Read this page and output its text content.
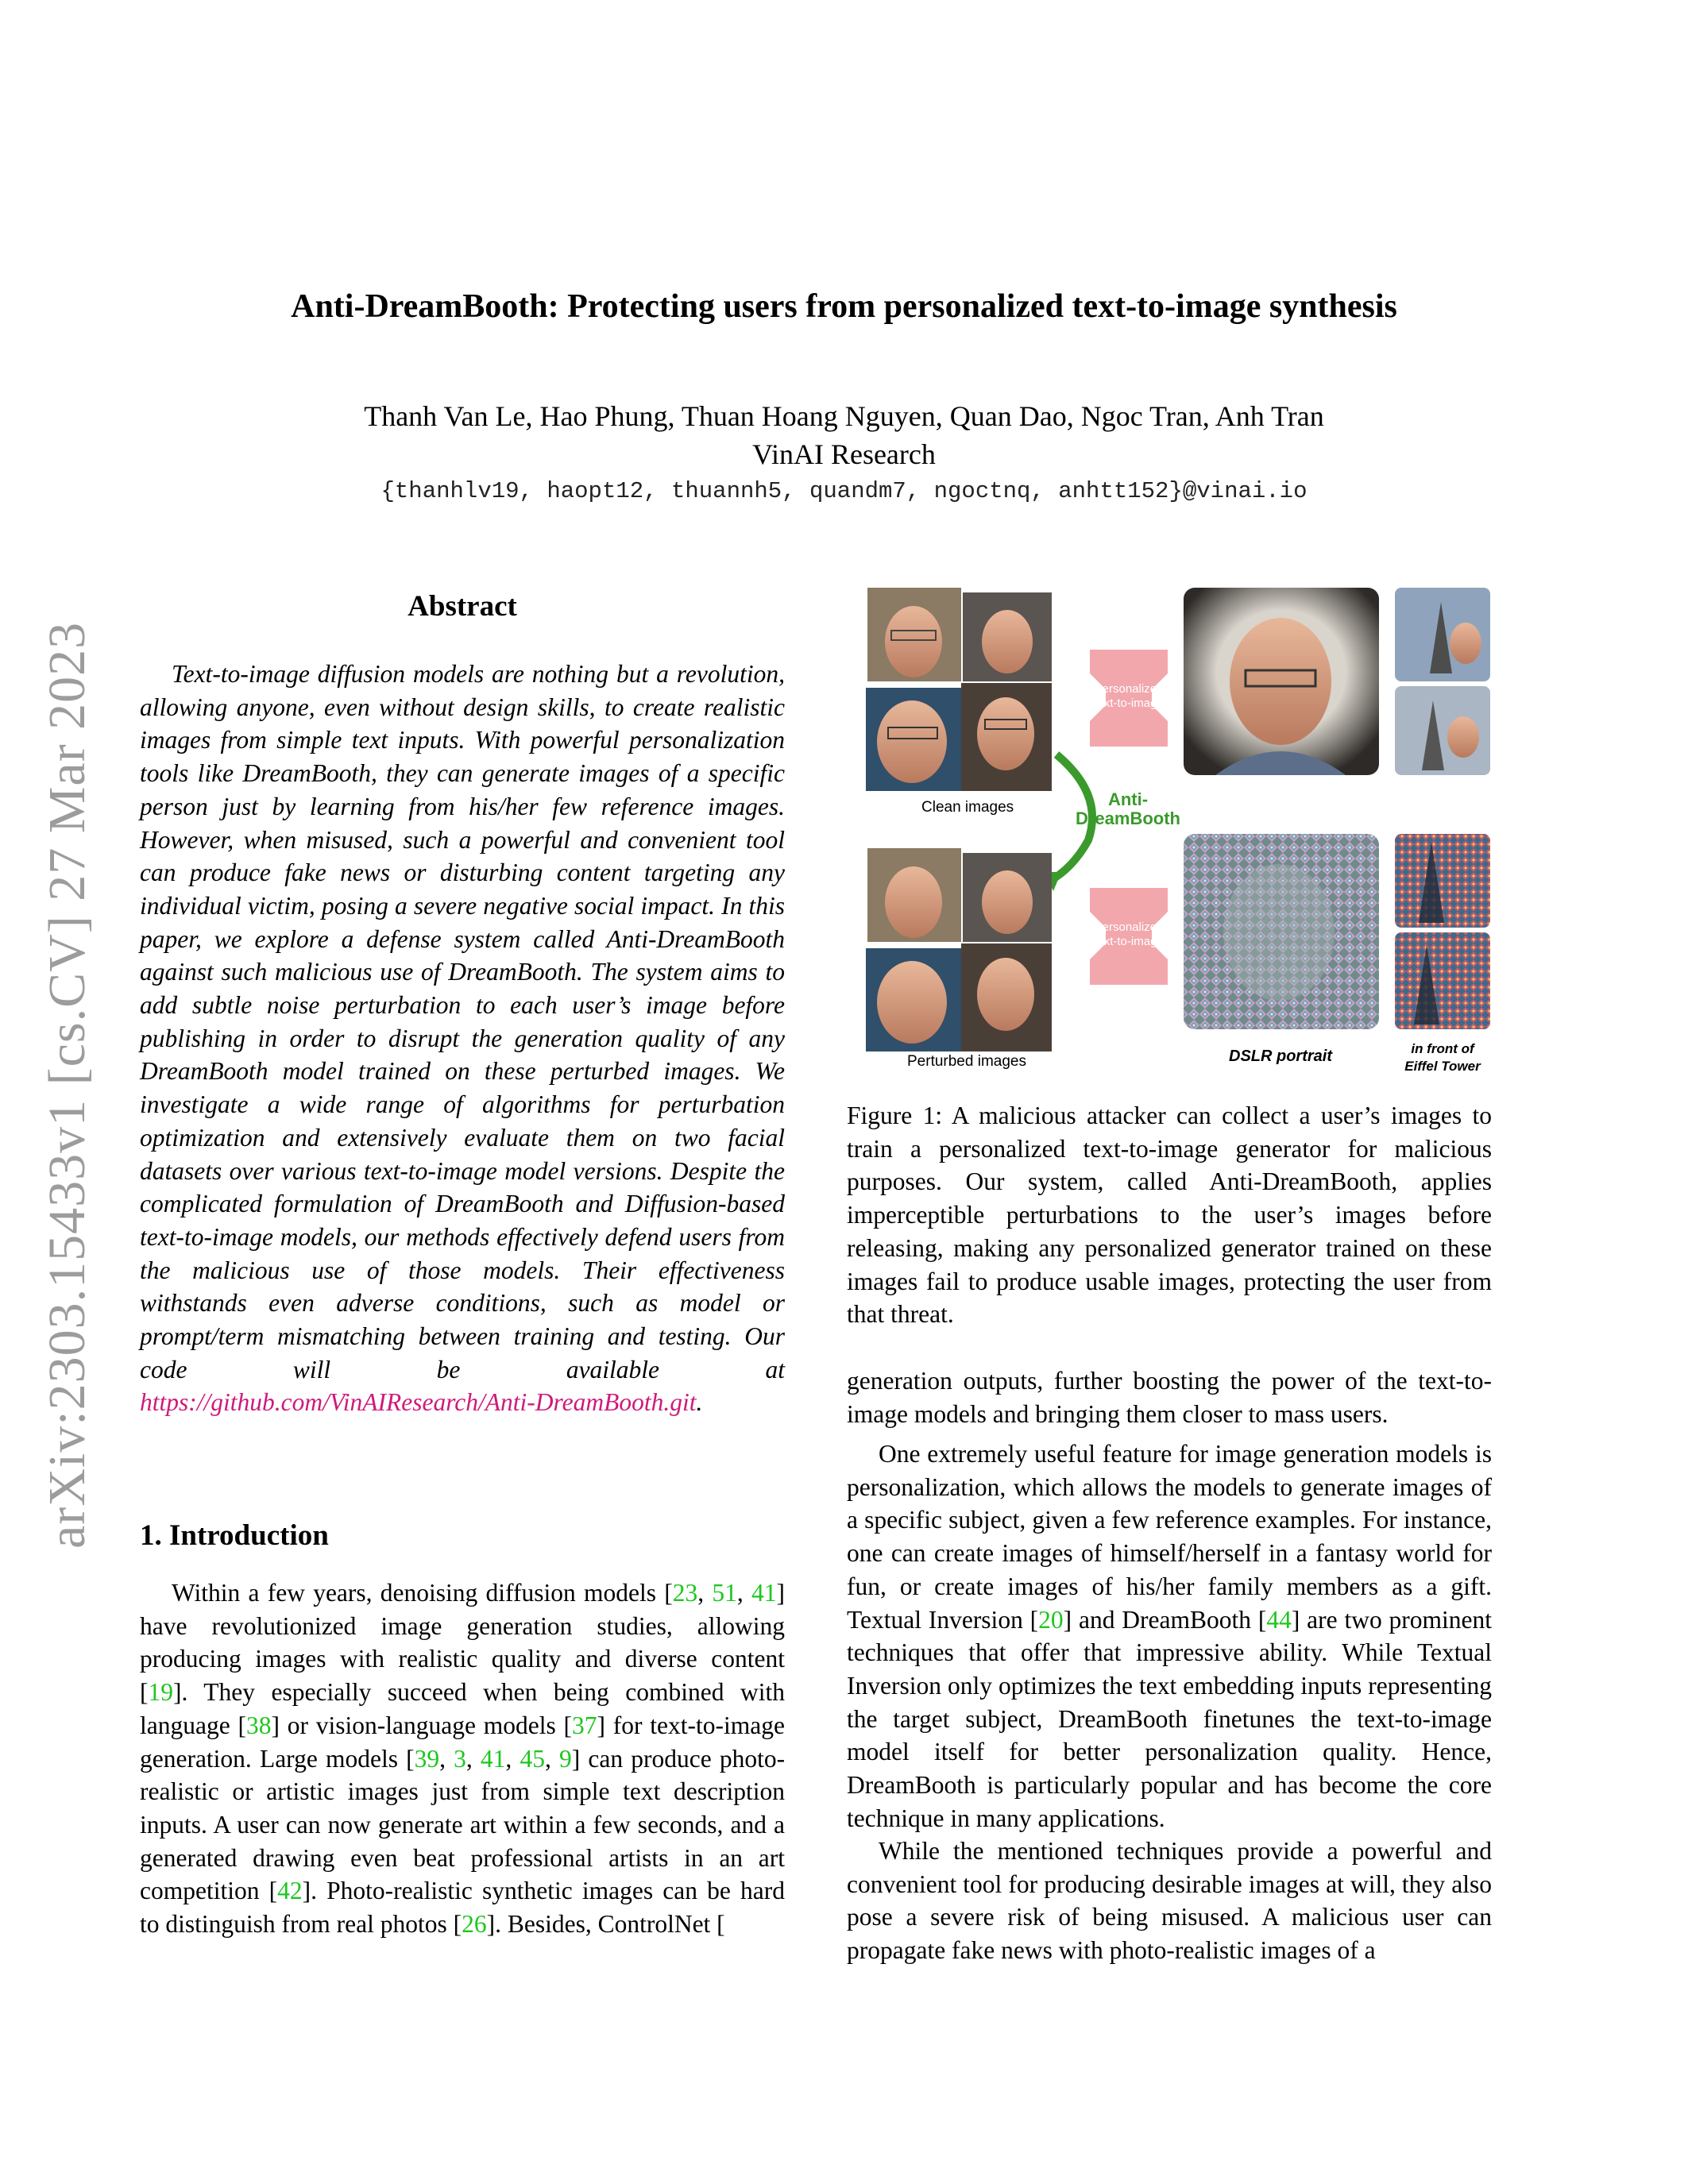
Anti-DreamBooth: Protecting users from personalized text-to-image synthesis
Thanh Van Le, Hao Phung, Thuan Hoang Nguyen, Quan Dao, Ngoc Tran, Anh Tran
VinAI Research
{thanhlv19, haopt12, thuannh5, quandm7, ngoctnq, anhtt152}@vinai.io
arXiv:2303.15433v1 [cs.CV] 27 Mar 2023
Abstract
Text-to-image diffusion models are nothing but a revolution, allowing anyone, even without design skills, to create realistic images from simple text inputs. With powerful personalization tools like DreamBooth, they can generate images of a specific person just by learning from his/her few reference images. However, when misused, such a powerful and convenient tool can produce fake news or disturbing content targeting any individual victim, posing a severe negative social impact. In this paper, we explore a defense system called Anti-DreamBooth against such malicious use of DreamBooth. The system aims to add subtle noise perturbation to each user’s image before publishing in order to disrupt the generation quality of any DreamBooth model trained on these perturbed images. We investigate a wide range of algorithms for perturbation optimization and extensively evaluate them on two facial datasets over various text-to-image model versions. Despite the complicated formulation of DreamBooth and Diffusion-based text-to-image models, our methods effectively defend users from the malicious use of those models. Their effectiveness withstands even adverse conditions, such as model or prompt/term mismatching between training and testing. Our code will be available at https://github.com/VinAIResearch/Anti-DreamBooth.git.
1. Introduction
Within a few years, denoising diffusion models [23, 51, 41] have revolutionized image generation studies, allowing producing images with realistic quality and diverse content [19]. They especially succeed when being combined with language [38] or vision-language models [37] for text-to-image generation. Large models [39, 3, 41, 45, 9] can produce photo-realistic or artistic images just from simple text description inputs. A user can now generate art within a few seconds, and a generated drawing even beat professional artists in an art competition [42]. Photo-realistic synthetic images can be hard to distinguish from real photos [26]. Besides, ControlNet [
Clean images
Personalized text-to-image
Anti-DreamBooth
Perturbed images
Personalized text-to-image
DSLR portrait	in front of Eiffel Tower
Figure 1: A malicious attacker can collect a user’s images to train a personalized text-to-image generator for malicious purposes. Our system, called Anti-DreamBooth, applies imperceptible perturbations to the user’s images before releasing, making any personalized generator trained on these images fail to produce usable images, protecting the user from that threat.
generation outputs, further boosting the power of the text-to-image models and bringing them closer to mass users.
One extremely useful feature for image generation models is personalization, which allows the models to generate images of a specific subject, given a few reference examples. For instance, one can create images of himself/herself in a fantasy world for fun, or create images of his/her family members as a gift. Textual Inversion [20] and DreamBooth [44] are two prominent techniques that offer that impressive ability. While Textual Inversion only optimizes the text embedding inputs representing the target subject, DreamBooth finetunes the text-to-image model itself for better personalization quality. Hence, DreamBooth is particularly popular and has become the core technique in many applications.
While the mentioned techniques provide a powerful and convenient tool for producing desirable images at will, they also pose a severe risk of being misused. A malicious user can propagate fake news with photo-realistic images of a
